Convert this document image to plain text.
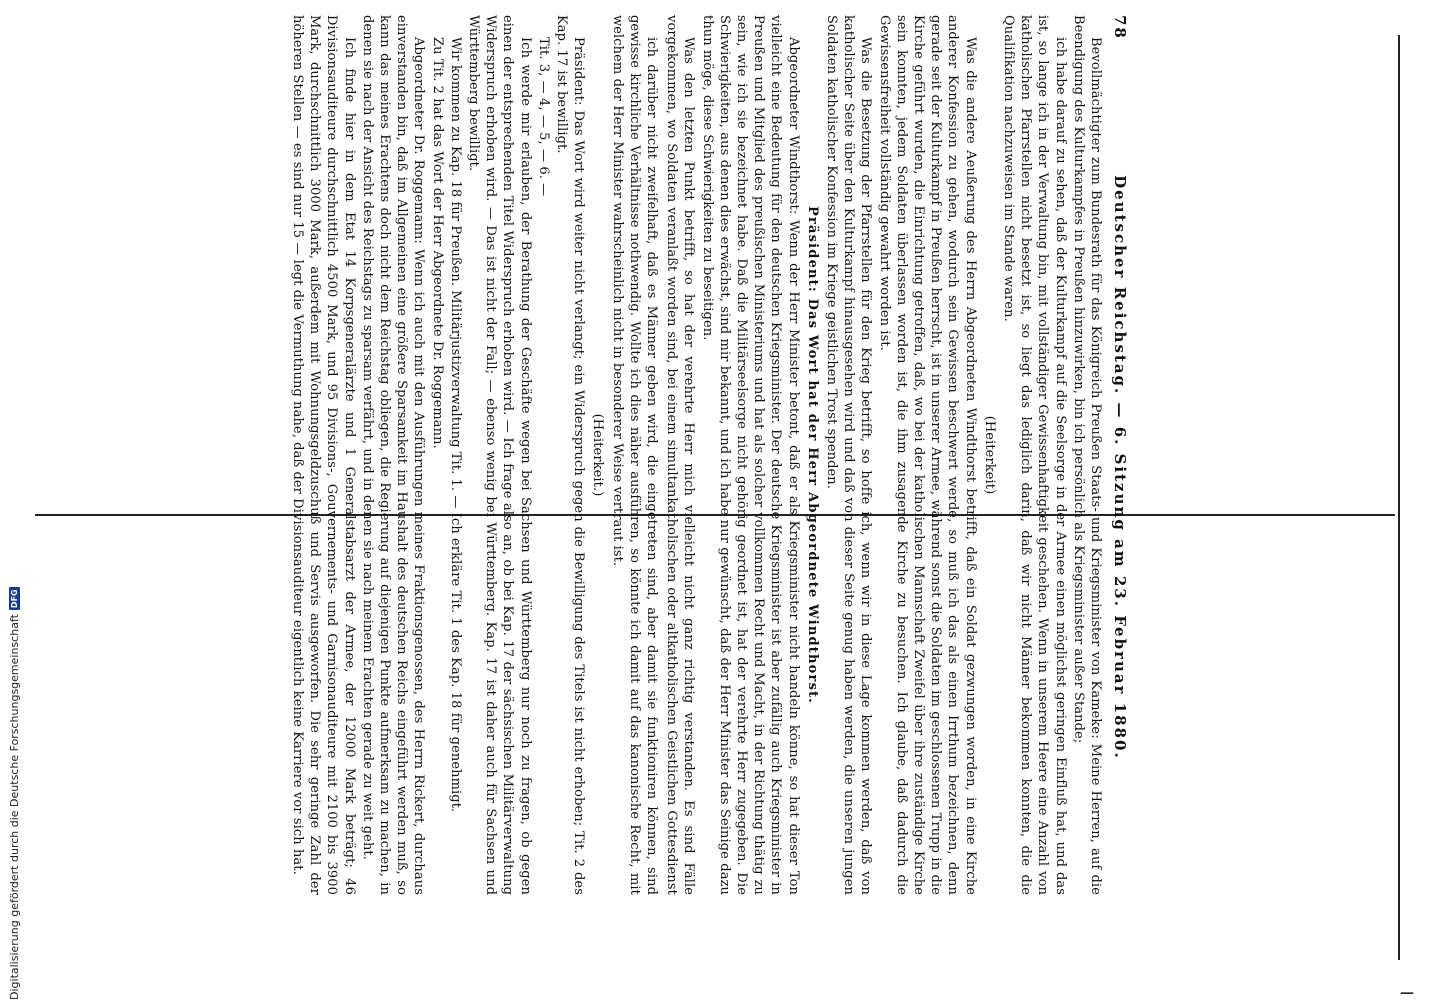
78
Deutscher Reichstag. — 6. Sitzung am 23. Februar 1880.

Bevollmächtigter zum Bundesrath für das Königreich Preußen Staats- und Kriegsminister von Kameke: Meine Herren, auf die Beendigung des Kulturkampfes in Preußen hinzuwirken, bin ich persönlich als Kriegsminister außer Stande;

ich habe darauf zu sehen, daß der Kulturkampf auf die Seelsorge in der Armee einen möglichst geringen Einfluß hat, und das ist, so lange ich in der Verwaltung bin, mit vollständiger Gewissenhaftigkeit geschehen. Wenn in unserem Heere eine Anzahl von katholischen Pfarrstellen nicht besetzt ist, so liegt das lediglich darin, daß wir nicht Männer bekommen konnten, die die Qualifikation nachzuweisen im Stande waren.

(Heiterkeit)

Was die andere Aeußerung des Herrn Abgeordneten Windthorst betrifft, daß ein Soldat gezwungen worden, in eine Kirche anderer Konfession zu gehen, wodurch sein Gewissen beschwert werde, so muß ich das als einen Irrthum bezeichnen, denn gerade seit der Kulturkampf in Preußen herrscht, ist in unserer Armee, während sonst die Soldaten im geschlossenen Trupp in die Kirche geführt wurden, die Einrichtung getroffen, daß, wo bei der katholischen Mannschaft Zweifel über ihre zuständige Kirche sein konnten, jedem Soldaten überlassen worden ist, die ihm zusagende Kirche zu besuchen. Ich glaube, daß dadurch die Gewissensfreiheit vollständig gewahrt worden ist.

Was die Besetzung der Pfarrstellen für den Krieg betrifft, so hoffe ich, wenn wir in diese Lage kommen werden, daß von katholischer Seite über den Kulturkampf hinausgesehen wird und daß von dieser Seite genug haben werden, die unseren jungen Soldaten katholischer Konfession im Kriege geistlichen Trost spenden.

Präsident: Das Wort hat der Herr Abgeordnete Windthorst.

Abgeordneter Windthorst: Wenn der Herr Minister betont, daß er als Kriegsminister nicht handeln könne, so hat dieser Ton vielleicht eine Bedeutung für den deutschen Kriegsminister. Der deutsche Kriegsminister ist aber zufällig auch Kriegsminister in Preußen und Mitglied des preußischen Ministeriums und hat als solcher vollkommen Recht und Macht, in der Richtung thätig zu sein, wie ich sie bezeichnet habe. Daß die Militärseelsorge nicht gehörig geordnet ist, hat der verehrte Herr zugegeben. Die Schwierigkeiten, aus denen dies erwächst, sind mir bekannt, und ich habe nur gewünscht, daß der Herr Minister das Seinige dazu thun möge, diese Schwierigkeiten zu beseitigen.

Was den letzten Punkt betrifft, so hat der verehrte Herr mich vielleicht nicht ganz richtig verstanden. Es sind Fälle vorgekommen, wo Soldaten veranlaßt worden sind, bei einem simultankatholischen oder altkatholischen Geistlichen Gottesdienst

ich darüber nicht zweifelhaft, daß es Männer geben wird, die eingetreten sind, aber damit sie funktioniren können, sind gewisse kirchliche Verhältnisse nothwendig. Wollte ich dies näher ausführen, so könnte ich damit auf das kanonische Recht, mit welchem der Herr Minister wahrscheinlich nicht in besonderer Weise vertraut ist.

(Heiterkeit.)

Präsident: Das Wort wird weiter nicht verlangt; ein Widerspruch gegen die Bewilligung des Titels ist nicht erhoben; Tit. 2 des Kap. 17 ist bewilligt.

Tit. 3, — 4, — 5, — 6. —

Ich werde mir erlauben, der Berathung der Geschäfte wegen bei Sachsen und Württemberg nur noch zu fragen, ob gegen einen der entsprechenden Titel Widerspruch erhoben wird. — Ich frage also an, ob bei Kap. 17 der sächsischen Militärverwaltung Widerspruch erhoben wird. — Das ist nicht der Fall; — ebenso wenig bei Württemberg. Kap. 17 ist daher auch für Sachsen und Württemberg bewilligt.

Wir kommen zu Kap. 18 für Preußen. Militärjustizverwaltung Tit. 1. — Ich erkläre Tit. 1 des Kap. 18 für genehmigt.

Zu Tit. 2 hat das Wort der Herr Abgeordnete Dr. Roggemann.

Abgeordneter Dr. Roggemann: Wenn ich auch mit den Ausführungen meines Fraktionsgenossen, des Herrn Rickert, durchaus einverstanden bin, daß im Allgemeinen eine größere Sparsamkeit im Haushalt des deutschen Reichs eingeführt werden muß, so kann das meines Erachtens doch nicht dem Reichstag obliegen, die Regierung auf diejenigen Punkte aufmerksam zu machen, in denen sie nach der Ansicht des Reichstags zu sparsam verfährt, und in denen sie nach meinem Erachten gerade zu weit geht.

Ich finde hier in dem Etat 14 Korpsgeneralärzte und 1 Generalstabsarzt der Armee, der 12000 Mark beträgt; 46 Divisionsauditeure durchschnittlich 4500 Mark, und 95 Divisions-, Gouvernements- und Garnisonauditeure mit 2100 bis 3900 Mark, durchschnittlich 3000 Mark, außerdem mit Wohnungsgeldzuschuß und Servis ausgeworfen. Die sehr geringe Zahl der höheren Stellen — es sind nur 15 — legt die Vermuthung nahe, daß der Divisionsauditeur eigentlich keine Karriere vor sich hat.

Digitalisierung gefördert durch die Deutsche Forschungsgemeinschaft
DFG
—
